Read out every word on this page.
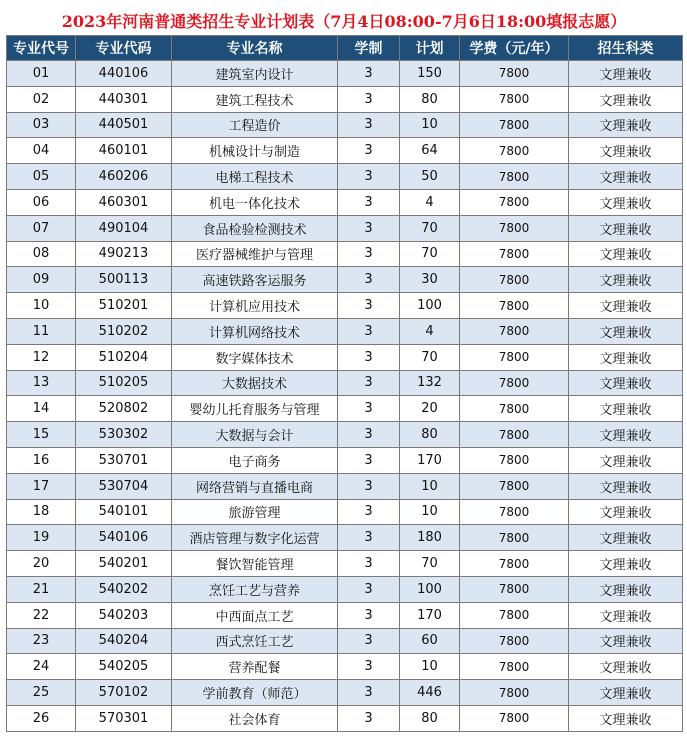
2023年河南普通类招生专业计划表（7月4日08:00-7月6日18:00填报志愿）
专业代号	专业代码	专业名称	学制	计划	学费（元/年）	招生科类
01	440106	建筑室内设计	3	150	7800	文理兼收
02	440301	建筑工程技术	3	80	7800	文理兼收
03	440501	工程造价	3	10	7800	文理兼收
04	460101	机械设计与制造	3	64	7800	文理兼收
05	460206	电梯工程技术	3	50	7800	文理兼收
06	460301	机电一体化技术	3	4	7800	文理兼收
07	490104	食品检验检测技术	3	70	7800	文理兼收
08	490213	医疗器械维护与管理	3	70	7800	文理兼收
09	500113	高速铁路客运服务	3	30	7800	文理兼收
10	510201	计算机应用技术	3	100	7800	文理兼收
11	510202	计算机网络技术	3	4	7800	文理兼收
12	510204	数字媒体技术	3	70	7800	文理兼收
13	510205	大数据技术	3	132	7800	文理兼收
14	520802	婴幼儿托育服务与管理	3	20	7800	文理兼收
15	530302	大数据与会计	3	80	7800	文理兼收
16	530701	电子商务	3	170	7800	文理兼收
17	530704	网络营销与直播电商	3	10	7800	文理兼收
18	540101	旅游管理	3	10	7800	文理兼收
19	540106	酒店管理与数字化运营	3	180	7800	文理兼收
20	540201	餐饮智能管理	3	70	7800	文理兼收
21	540202	烹饪工艺与营养	3	100	7800	文理兼收
22	540203	中西面点工艺	3	170	7800	文理兼收
23	540204	西式烹饪工艺	3	60	7800	文理兼收
24	540205	营养配餐	3	10	7800	文理兼收
25	570102	学前教育（师范）	3	446	7800	文理兼收
26	570301	社会体育	3	80	7800	文理兼收
